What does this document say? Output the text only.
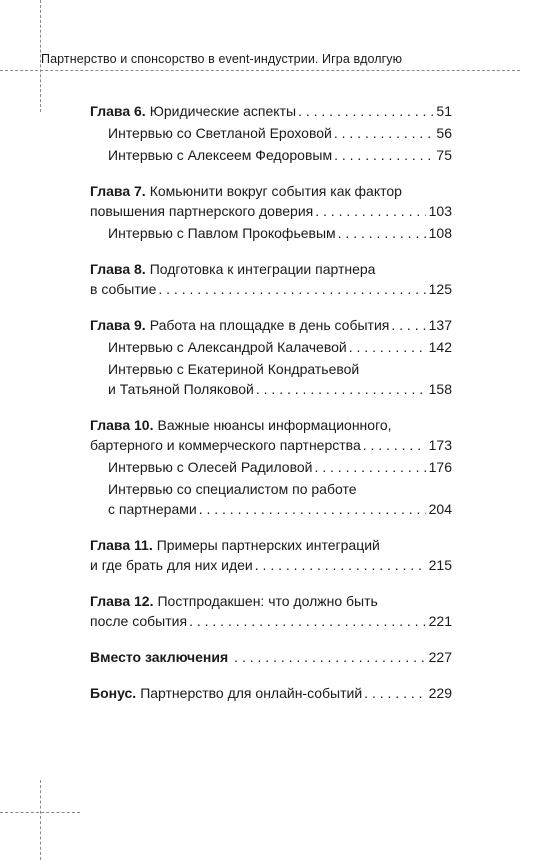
Партнерство и спонсорство в event-индустрии. Игра вдолгую
Глава 6. Юридические аспекты . . .	51
Интервью со Светланой Ероховой . . .	56
Интервью с Алексеем Федоровым . . .	75
Глава 7. Комьюнити вокруг события как фактор
повышения партнерского доверия . . .	103
Интервью с Павлом Прокофьевым . . .	108
Глава 8. Подготовка к интеграции партнера
в событие . . .	125
Глава 9. Работа на площадке в день события . . .	137
Интервью с Александрой Калачевой . . .	142
Интервью с Екатериной Кондратьевой
и Татьяной Поляковой . . .	158
Глава 10. Важные нюансы информационного,
бартерного и коммерческого партнерства . . .	173
Интервью с Олесей Радиловой . . .	176
Интервью со специалистом по работе
с партнерами . . .	204
Глава 11. Примеры партнерских интеграций
и где брать для них идеи . . .	215
Глава 12. Постпродакшен: что должно быть
после события . . .	221
Вместо заключения . . .	227
Бонус. Партнерство для онлайн-событий . . .	229
